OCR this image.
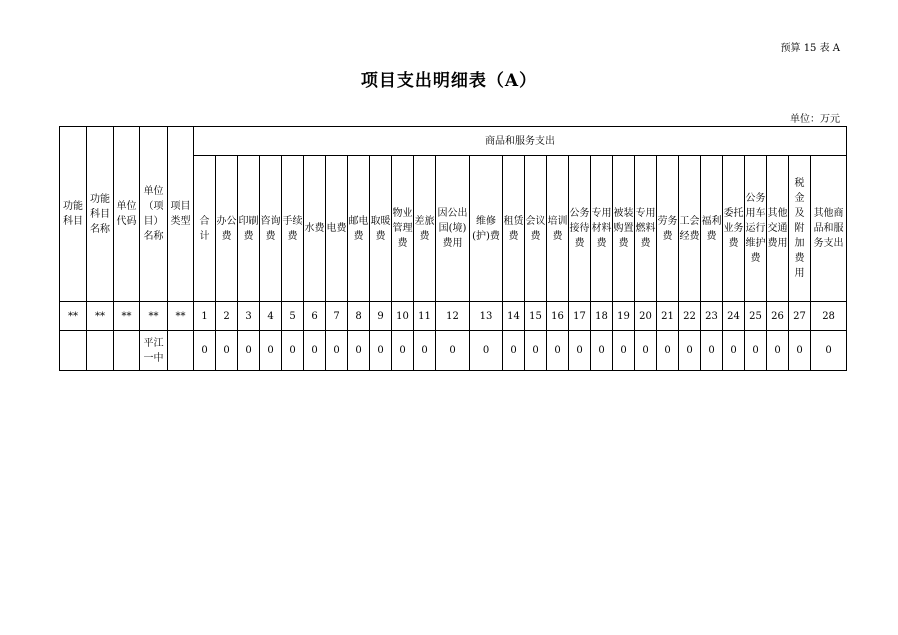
预算 15 表 A
项目支出明细表（A）
单位：万元
功能科目	功能科目名称	单位代码	单位（项目）名称	项目类型	商品和服务支出																											
					合计	办公费	印刷费	咨询费	手续费	水费	电费	邮电费	取暖费	物业管理费	差旅费	因公出国(境)费用	维修(护)费	租赁费	会议费	培训费	公务接待费	专用材料费	被装购置费	专用燃料费	劳务费	工会经费	福利费	委托业务费	公务用车运行维护费	其他交通费用	税金及附加费用	其他商品和服务支出
**	**	**	**	**	1	2	3	4	5	6	7	8	9	10	11	12	13	14	15	16	17	18	19	20	21	22	23	24	25	26	27	28
			平江一中		0	0	0	0	0	0	0	0	0	0	0	0	0	0	0	0	0	0	0	0	0	0	0	0	0	0	0	0
